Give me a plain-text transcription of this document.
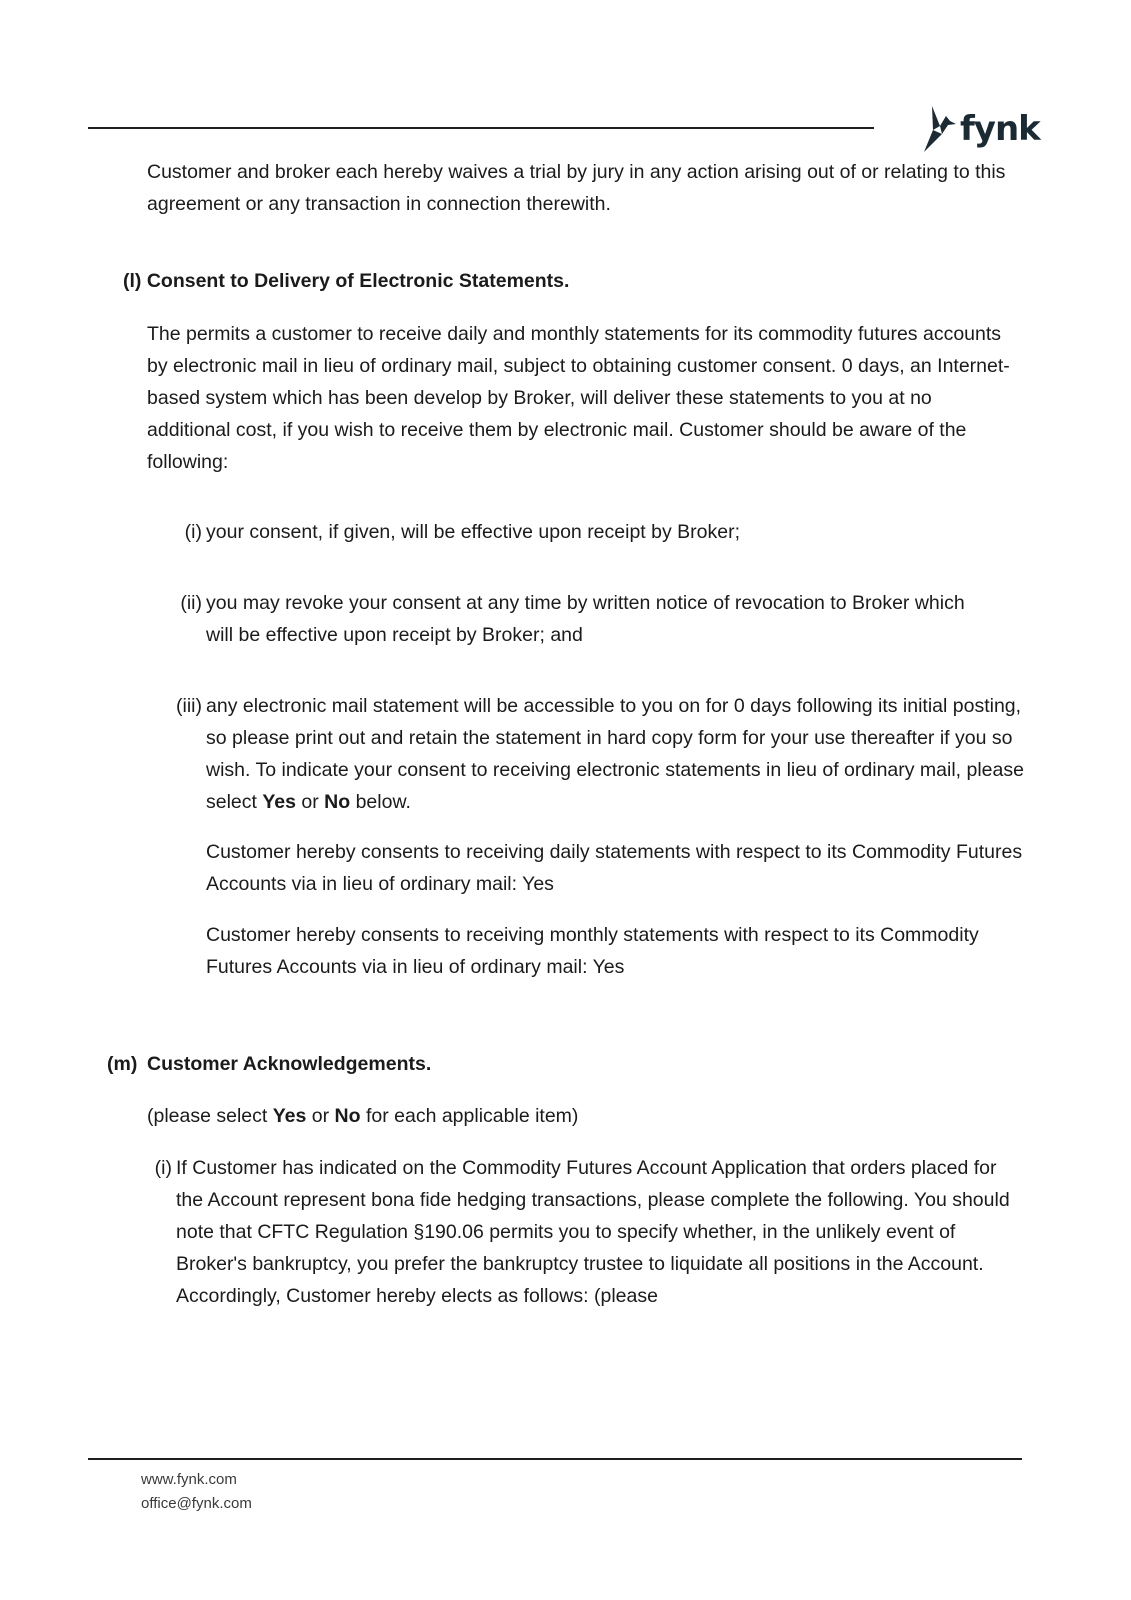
fynk

Customer and broker each hereby waives a trial by jury in any action arising out of or relating to this agreement or any transaction in connection therewith.

(l) Consent to Delivery of Electronic Statements.

The permits a customer to receive daily and monthly statements for its commodity futures accounts by electronic mail in lieu of ordinary mail, subject to obtaining customer consent. 0 days, an Internet-based system which has been develop by Broker, will deliver these statements to you at no additional cost, if you wish to receive them by electronic mail. Customer should be aware of the following:

(i) your consent, if given, will be effective upon receipt by Broker;

(ii) you may revoke your consent at any time by written notice of revocation to Broker which will be effective upon receipt by Broker; and

(iii) any electronic mail statement will be accessible to you on for 0 days following its initial posting, so please print out and retain the statement in hard copy form for your use thereafter if you so wish. To indicate your consent to receiving electronic statements in lieu of ordinary mail, please select Yes or No below.

Customer hereby consents to receiving daily statements with respect to its Commodity Futures Accounts via in lieu of ordinary mail: Yes

Customer hereby consents to receiving monthly statements with respect to its Commodity Futures Accounts via in lieu of ordinary mail: Yes

(m) Customer Acknowledgements.

(please select Yes or No for each applicable item)

(i) If Customer has indicated on the Commodity Futures Account Application that orders placed for the Account represent bona fide hedging transactions, please complete the following. You should note that CFTC Regulation §190.06 permits you to specify whether, in the unlikely event of Broker's bankruptcy, you prefer the bankruptcy trustee to liquidate all positions in the Account. Accordingly, Customer hereby elects as follows: (please

www.fynk.com
office@fynk.com
